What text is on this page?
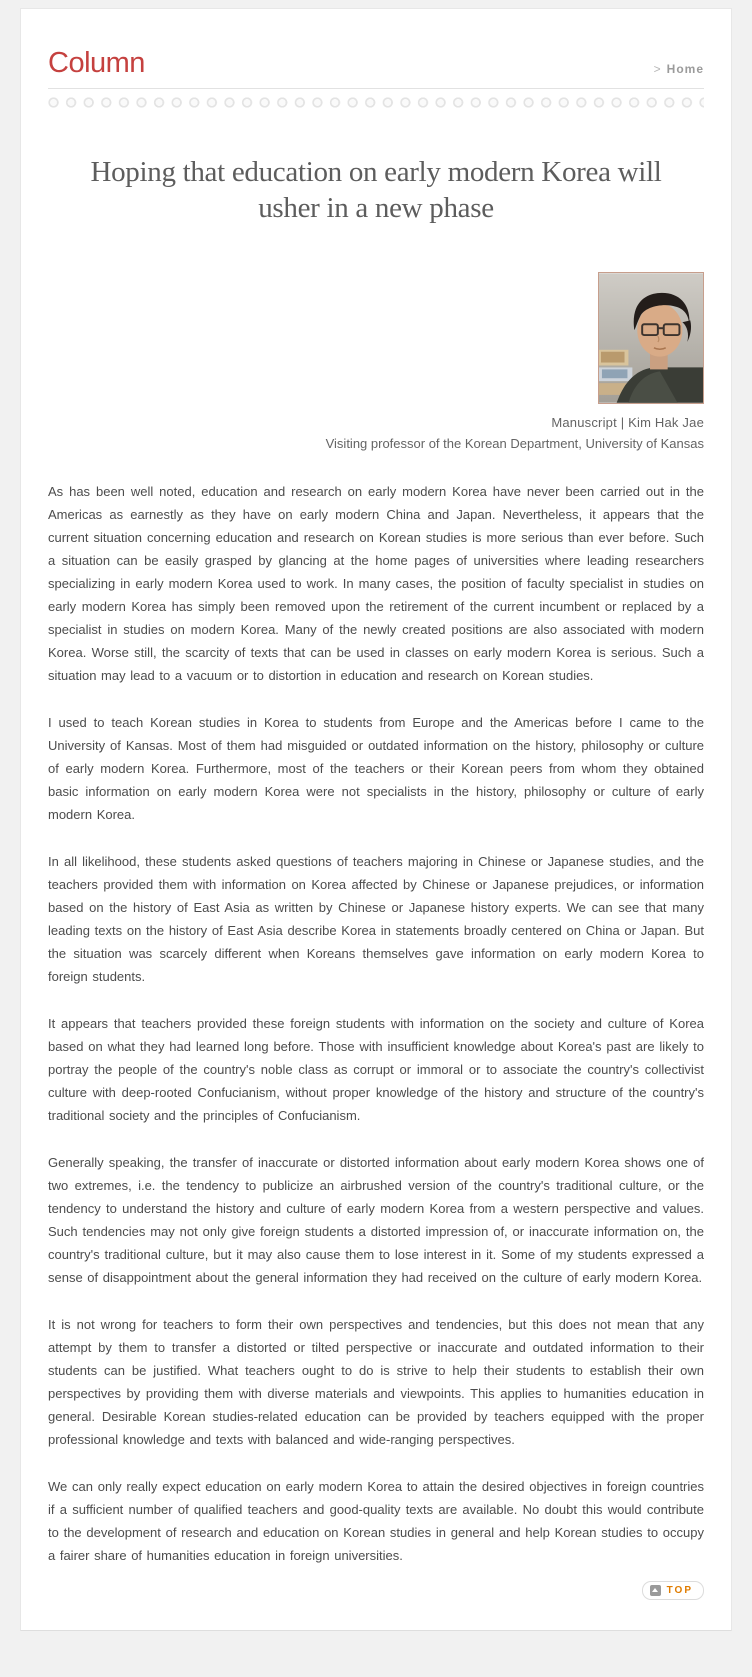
Column	> Home
Hoping that education on early modern Korea will usher in a new phase
Manuscript | Kim Hak Jae
Visiting professor of the Korean Department, University of Kansas

As has been well noted, education and research on early modern Korea have never been carried out in the Americas as earnestly as they have on early modern China and Japan. Nevertheless, it appears that the current situation concerning education and research on Korean studies is more serious than ever before. Such a situation can be easily grasped by glancing at the home pages of universities where leading researchers specializing in early modern Korea used to work. In many cases, the position of faculty specialist in studies on early modern Korea has simply been removed upon the retirement of the current incumbent or replaced by a specialist in studies on modern Korea. Many of the newly created positions are also associated with modern Korea. Worse still, the scarcity of texts that can be used in classes on early modern Korea is serious. Such a situation may lead to a vacuum or to distortion in education and research on Korean studies.

I used to teach Korean studies in Korea to students from Europe and the Americas before I came to the University of Kansas. Most of them had misguided or outdated information on the history, philosophy or culture of early modern Korea. Furthermore, most of the teachers or their Korean peers from whom they obtained basic information on early modern Korea were not specialists in the history, philosophy or culture of early modern Korea.

In all likelihood, these students asked questions of teachers majoring in Chinese or Japanese studies, and the teachers provided them with information on Korea affected by Chinese or Japanese prejudices, or information based on the history of East Asia as written by Chinese or Japanese history experts. We can see that many leading texts on the history of East Asia describe Korea in statements broadly centered on China or Japan. But the situation was scarcely different when Koreans themselves gave information on early modern Korea to foreign students.

It appears that teachers provided these foreign students with information on the society and culture of Korea based on what they had learned long before. Those with insufficient knowledge about Korea's past are likely to portray the people of the country's noble class as corrupt or immoral or to associate the country's collectivist culture with deep-rooted Confucianism, without proper knowledge of the history and structure of the country's traditional society and the principles of Confucianism.

Generally speaking, the transfer of inaccurate or distorted information about early modern Korea shows one of two extremes, i.e. the tendency to publicize an airbrushed version of the country's traditional culture, or the tendency to understand the history and culture of early modern Korea from a western perspective and values. Such tendencies may not only give foreign students a distorted impression of, or inaccurate information on, the country's traditional culture, but it may also cause them to lose interest in it. Some of my students expressed a sense of disappointment about the general information they had received on the culture of early modern Korea.

It is not wrong for teachers to form their own perspectives and tendencies, but this does not mean that any attempt by them to transfer a distorted or tilted perspective or inaccurate and outdated information to their students can be justified. What teachers ought to do is strive to help their students to establish their own perspectives by providing them with diverse materials and viewpoints. This applies to humanities education in general. Desirable Korean studies-related education can be provided by teachers equipped with the proper professional knowledge and texts with balanced and wide-ranging perspectives.

We can only really expect education on early modern Korea to attain the desired objectives in foreign countries if a sufficient number of qualified teachers and good-quality texts are available. No doubt this would contribute to the development of research and education on Korean studies in general and help Korean studies to occupy a fairer share of humanities education in foreign universities.

TOP
